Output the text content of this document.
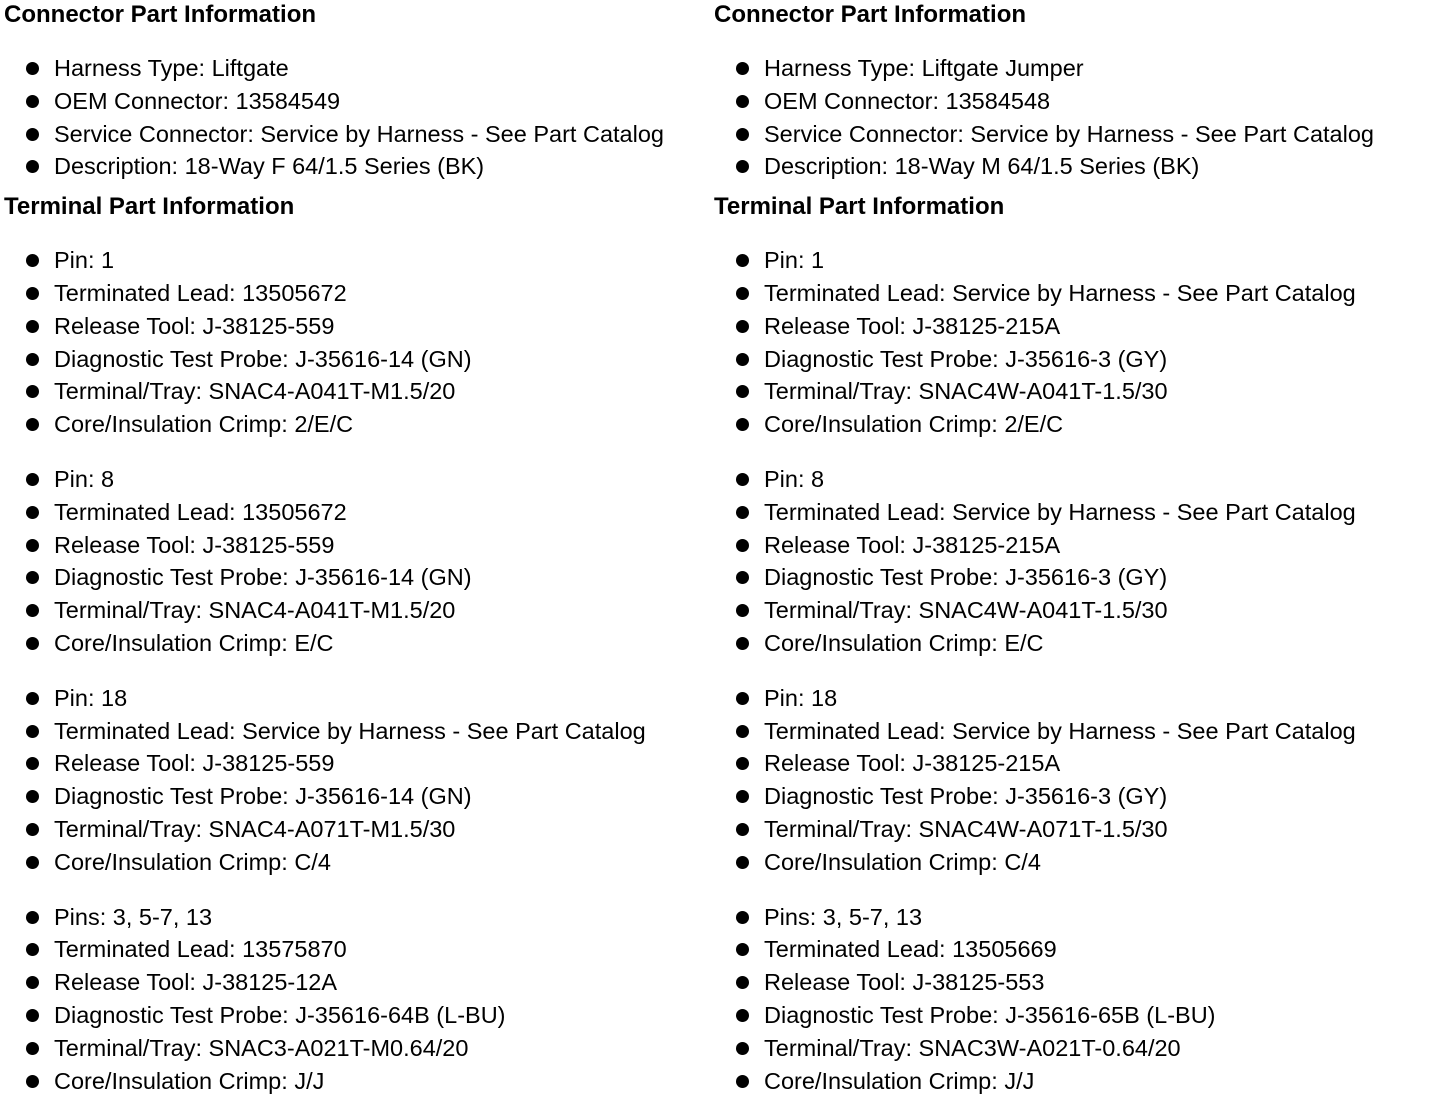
Connector Part Information
Harness Type: Liftgate
OEM Connector: 13584549
Service Connector: Service by Harness - See Part Catalog
Description: 18-Way F 64/1.5 Series (BK)
Terminal Part Information
Pin: 1
Terminated Lead: 13505672
Release Tool: J-38125-559
Diagnostic Test Probe: J-35616-14 (GN)
Terminal/Tray: SNAC4-A041T-M1.5/20
Core/Insulation Crimp: 2/E/C
Pin: 8
Terminated Lead: 13505672
Release Tool: J-38125-559
Diagnostic Test Probe: J-35616-14 (GN)
Terminal/Tray: SNAC4-A041T-M1.5/20
Core/Insulation Crimp: E/C
Pin: 18
Terminated Lead: Service by Harness - See Part Catalog
Release Tool: J-38125-559
Diagnostic Test Probe: J-35616-14 (GN)
Terminal/Tray: SNAC4-A071T-M1.5/30
Core/Insulation Crimp: C/4
Pins: 3, 5-7, 13
Terminated Lead: 13575870
Release Tool: J-38125-12A
Diagnostic Test Probe: J-35616-64B (L-BU)
Terminal/Tray: SNAC3-A021T-M0.64/20
Core/Insulation Crimp: J/J
Connector Part Information
Harness Type: Liftgate Jumper
OEM Connector: 13584548
Service Connector: Service by Harness - See Part Catalog
Description: 18-Way M 64/1.5 Series (BK)
Terminal Part Information
Pin: 1
Terminated Lead: Service by Harness - See Part Catalog
Release Tool: J-38125-215A
Diagnostic Test Probe: J-35616-3 (GY)
Terminal/Tray: SNAC4W-A041T-1.5/30
Core/Insulation Crimp: 2/E/C
Pin: 8
Terminated Lead: Service by Harness - See Part Catalog
Release Tool: J-38125-215A
Diagnostic Test Probe: J-35616-3 (GY)
Terminal/Tray: SNAC4W-A041T-1.5/30
Core/Insulation Crimp: E/C
Pin: 18
Terminated Lead: Service by Harness - See Part Catalog
Release Tool: J-38125-215A
Diagnostic Test Probe: J-35616-3 (GY)
Terminal/Tray: SNAC4W-A071T-1.5/30
Core/Insulation Crimp: C/4
Pins: 3, 5-7, 13
Terminated Lead: 13505669
Release Tool: J-38125-553
Diagnostic Test Probe: J-35616-65B (L-BU)
Terminal/Tray: SNAC3W-A021T-0.64/20
Core/Insulation Crimp: J/J
